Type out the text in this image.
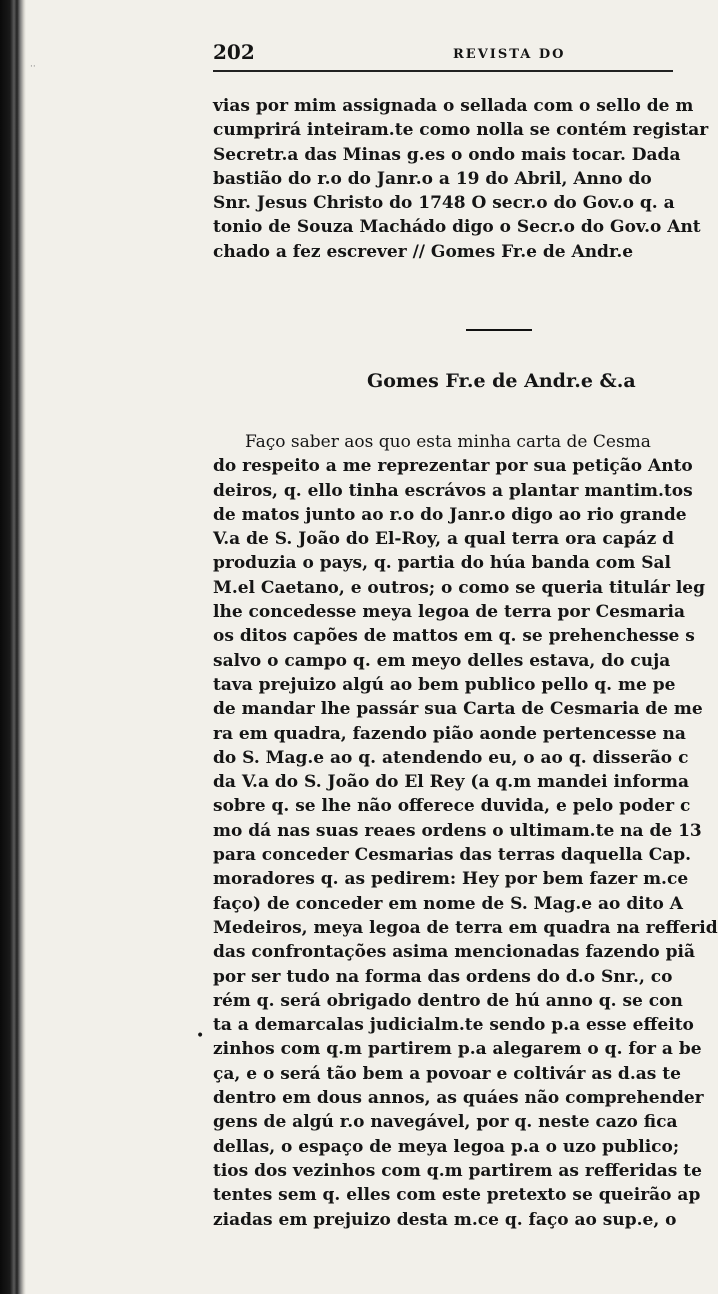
··
202	REVISTA DO
vias por mim assignada o sellada com o sello de m
cumprirá inteiram.te como nolla se contém registar
Secretr.a das Minas g.es o ondo mais tocar. Dada
bastião do r.o do Janr.o a 19 do Abril, Anno do
Snr. Jesus Christo do 1748 O secr.o do Gov.o q. a
tonio de Souza Machádo digo o Secr.o do Gov.o Ant
chado a fez escrever // Gomes Fr.e de Andr.e
Gomes Fr.e de Andr.e &.a
Faço saber aos quo esta minha carta de Cesma
do respeito a me reprezentar por sua petição Anto
deiros, q. ello tinha escrávos a plantar mantim.tos
de matos junto ao r.o do Janr.o digo ao rio grande
V.a de S. João do El-Roy, a qual terra ora capáz d
produzia o pays, q. partia do húa banda com Sal
M.el Caetano, e outros; o como se queria titulár leg
lhe concedesse meya legoa de terra por Cesmaria
os ditos capões de mattos em q. se prehenchesse s
salvo o campo q. em meyo delles estava, do cuja
tava prejuizo algú ao bem publico pello q. me pe
de mandar lhe passár sua Carta de Cesmaria de me
ra em quadra, fazendo pião aonde pertencesse na
do S. Mag.e ao q. atendendo eu, o ao q. disserão c
da V.a do S. João do El Rey (a q.m mandei informa
sobre q. se lhe não offerece duvida, e pelo poder c
mo dá nas suas reaes ordens o ultimam.te na de 13
para conceder Cesmarias das terras daquella Cap.
moradores q. as pedirem: Hey por bem fazer m.ce
faço) de conceder em nome de S. Mag.e ao dito A
Medeiros, meya legoa de terra em quadra na refferid
das confrontações asima mencionadas fazendo piã
por ser tudo na forma das ordens do d.o Snr., co
rém q. será obrigado dentro de hú anno q. se con
ta a demarcalas judicialm.te sendo p.a esse effeito
zinhos com q.m partirem p.a alegarem o q. for a be
ça, e o será tão bem a povoar e coltivár as d.as te
dentro em dous annos, as quáes não comprehender
gens de algú r.o navegável, por q. neste cazo fica
dellas, o espaço de meya legoa p.a o uzo publico;
tios dos vezinhos com q.m partirem as refferidas te
tentes sem q. elles com este pretexto se queirão ap
ziadas em prejuizo desta m.ce q. faço ao sup.e, o
•
